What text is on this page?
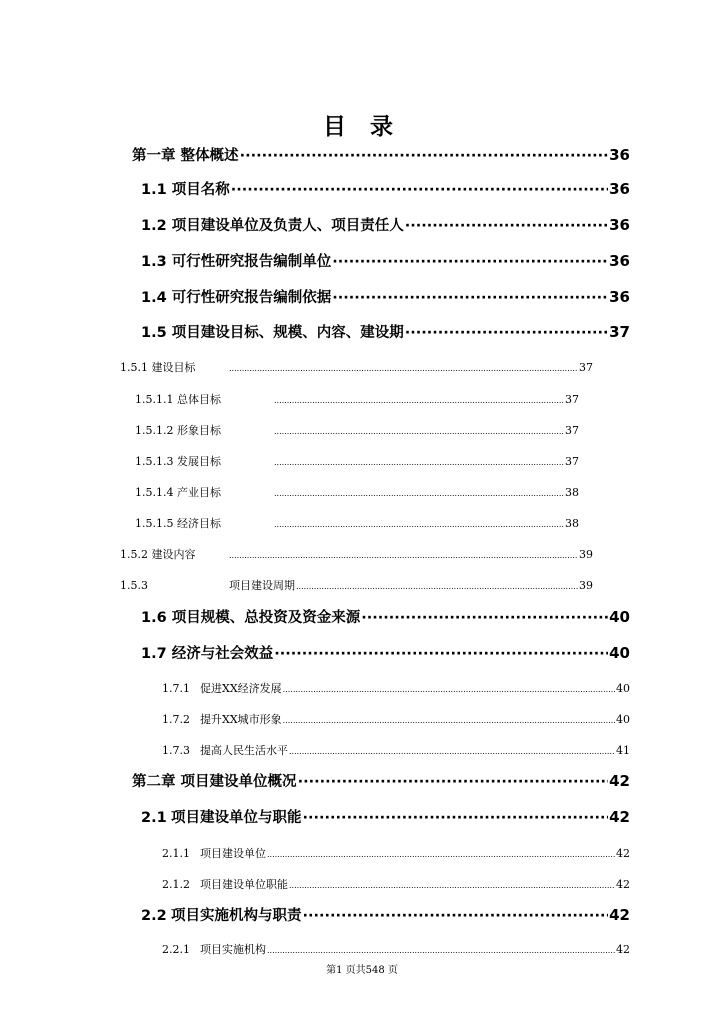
目 录
第一章 整体概述 ·····	36
1.1 项目名称 ·····	36
1.2 项目建设单位及负责人、项目责任人 ·····	36
1.3 可行性研究报告编制单位 ·····	36
1.4 可行性研究报告编制依据 ·····	36
1.5 项目建设目标、规模、内容、建设期 ·····	37
1.5.1 建设目标 .....	37
1.5.1.1 总体目标 .....	37
1.5.1.2 形象目标 .....	37
1.5.1.3 发展目标 .....	37
1.5.1.4 产业目标 .....	38
1.5.1.5 经济目标 .....	38
1.5.2 建设内容 .....	39
1.5.3	项目建设周期 .....	39
1.6 项目规模、总投资及资金来源 ·····	40
1.7 经济与社会效益 ·····	40
1.7.1 促进XX经济发展 .....	40
1.7.2 提升XX城市形象 .....	40
1.7.3 提高人民生活水平 .....	41
第二章 项目建设单位概况 ·····	42
2.1 项目建设单位与职能 ·····	42
2.1.1 项目建设单位 .....	42
2.1.2 项目建设单位职能 .....	42
2.2 项目实施机构与职责 ·····	42
2.2.1 项目实施机构 .....	42
第1 页共548 页
